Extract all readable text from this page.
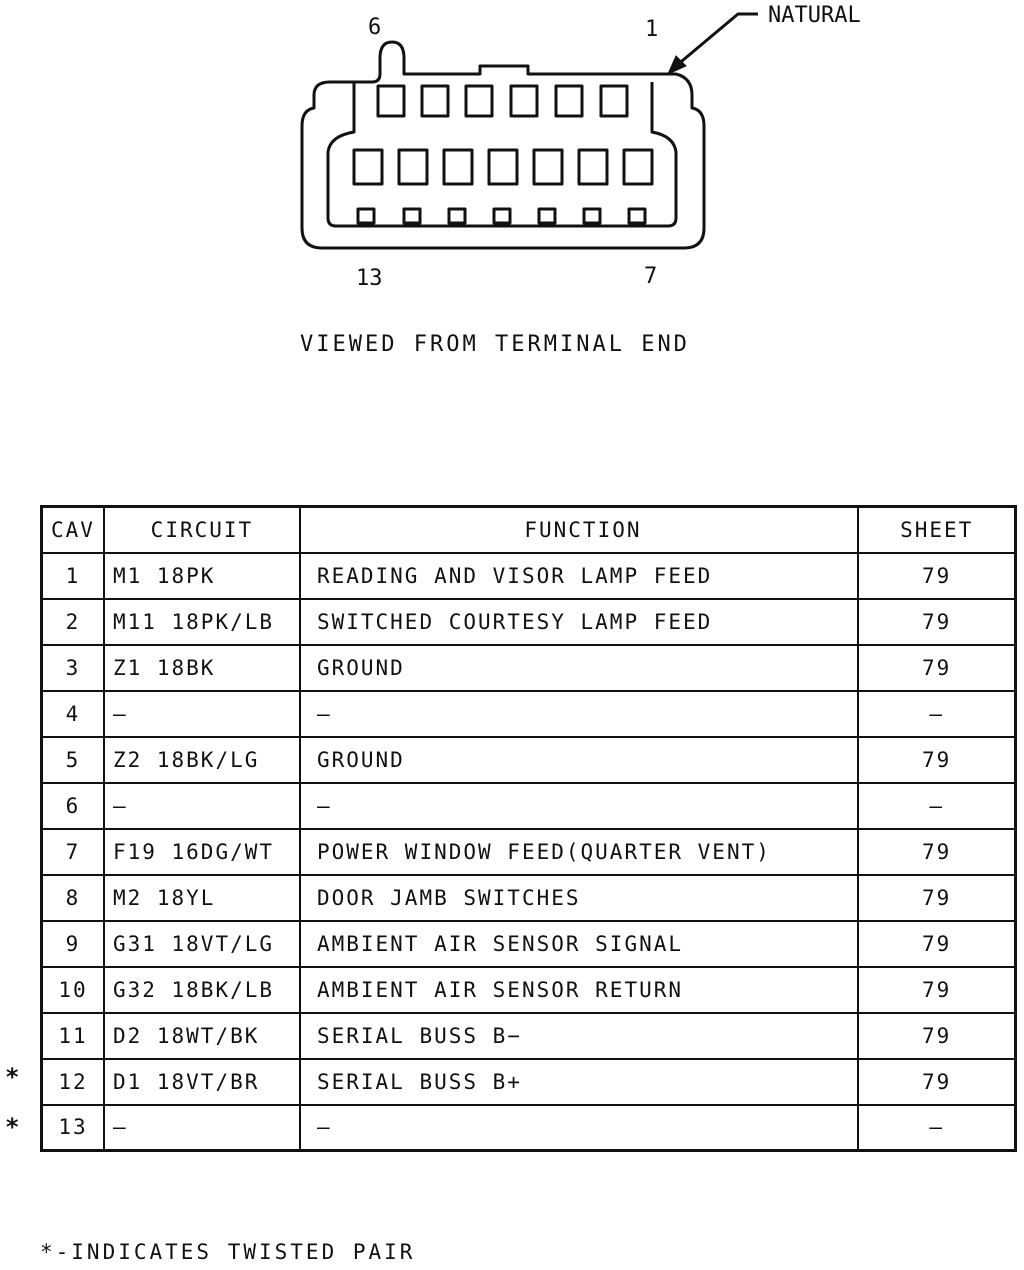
6	1
13	7
NATURAL
VIEWED FROM TERMINAL END
CAV	CIRCUIT	FUNCTION	SHEET
1	M1 18PK	READING AND VISOR LAMP FEED	79
2	M11 18PK/LB	SWITCHED COURTESY LAMP FEED	79
3	Z1 18BK	GROUND	79
4	—	—	—
5	Z2 18BK/LG	GROUND	79
6	—	—	—
7	F19 16DG/WT	POWER WINDOW FEED(QUARTER VENT)	79
8	M2 18YL	DOOR JAMB SWITCHES	79
9	G31 18VT/LG	AMBIENT AIR SENSOR SIGNAL	79
10	G32 18BK/LB	AMBIENT AIR SENSOR RETURN	79
11	D2 18WT/BK	SERIAL BUSS B−	79
12	D1 18VT/BR	SERIAL BUSS B+	79
13	—	—	—
*
*
*-INDICATES TWISTED PAIR
